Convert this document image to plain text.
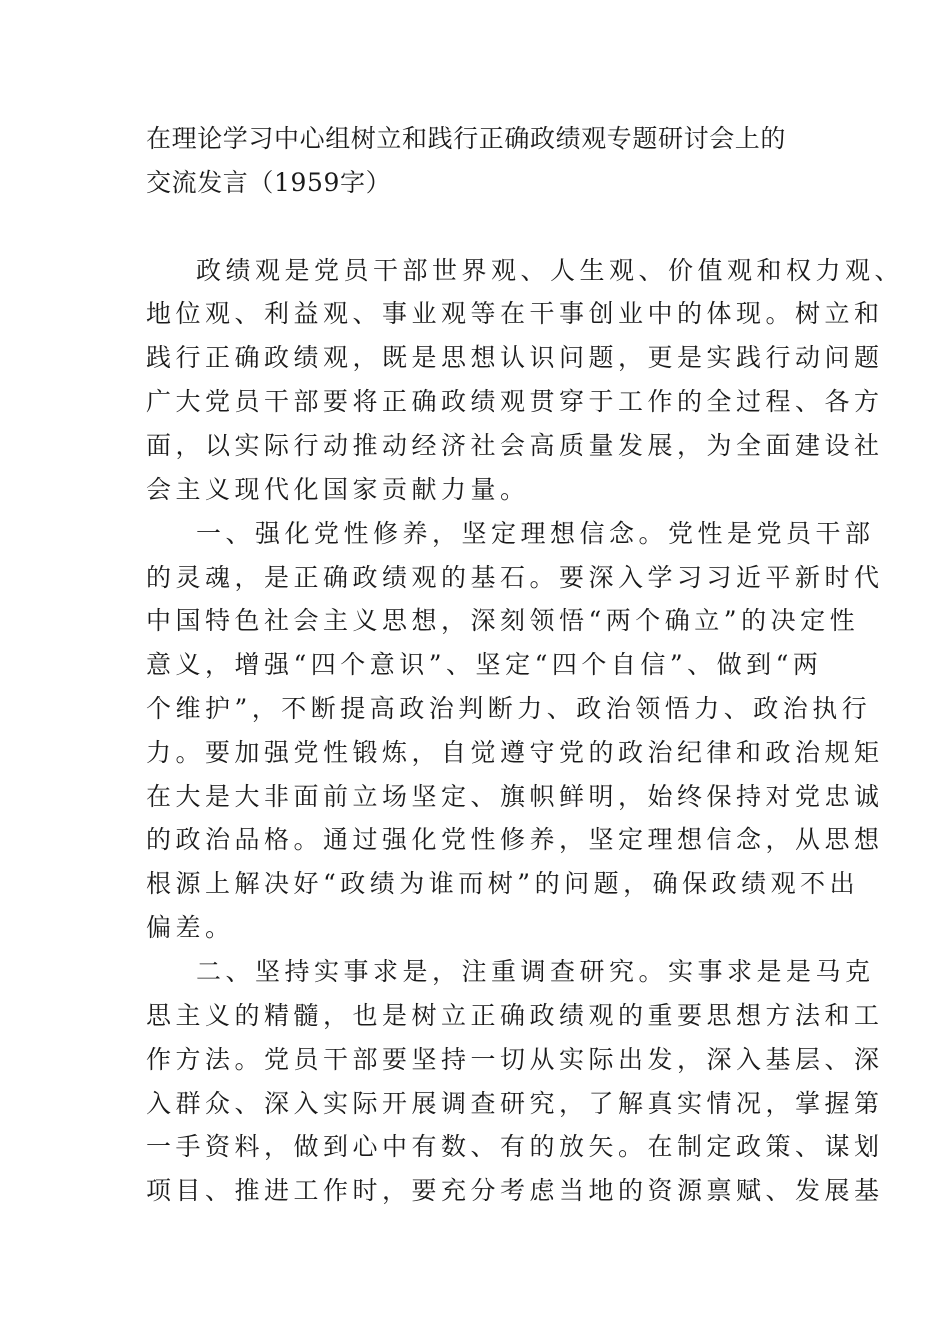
在理论学习中心组树立和践行正确政绩观专题研讨会上的
交流发言（1959字）
政绩观是党员干部世界观、人生观、价值观和权力观、
地位观、利益观、事业观等在干事创业中的体现。树立和
践行正确政绩观，既是思想认识问题，更是实践行动问题
广大党员干部要将正确政绩观贯穿于工作的全过程、各方
面，以实际行动推动经济社会高质量发展，为全面建设社
会主义现代化国家贡献力量。
一、强化党性修养，坚定理想信念。党性是党员干部
的灵魂，是正确政绩观的基石。要深入学习习近平新时代
中国特色社会主义思想，深刻领悟“两个确立”的决定性
意义，增强“四个意识”、坚定“四个自信”、做到“两
个维护”，不断提高政治判断力、政治领悟力、政治执行
力。要加强党性锻炼，自觉遵守党的政治纪律和政治规矩
在大是大非面前立场坚定、旗帜鲜明，始终保持对党忠诚
的政治品格。通过强化党性修养，坚定理想信念，从思想
根源上解决好“政绩为谁而树”的问题，确保政绩观不出
偏差。
二、坚持实事求是，注重调查研究。实事求是是马克
思主义的精髓，也是树立正确政绩观的重要思想方法和工
作方法。党员干部要坚持一切从实际出发，深入基层、深
入群众、深入实际开展调查研究，了解真实情况，掌握第
一手资料，做到心中有数、有的放矢。在制定政策、谋划
项目、推进工作时，要充分考虑当地的资源禀赋、发展基
